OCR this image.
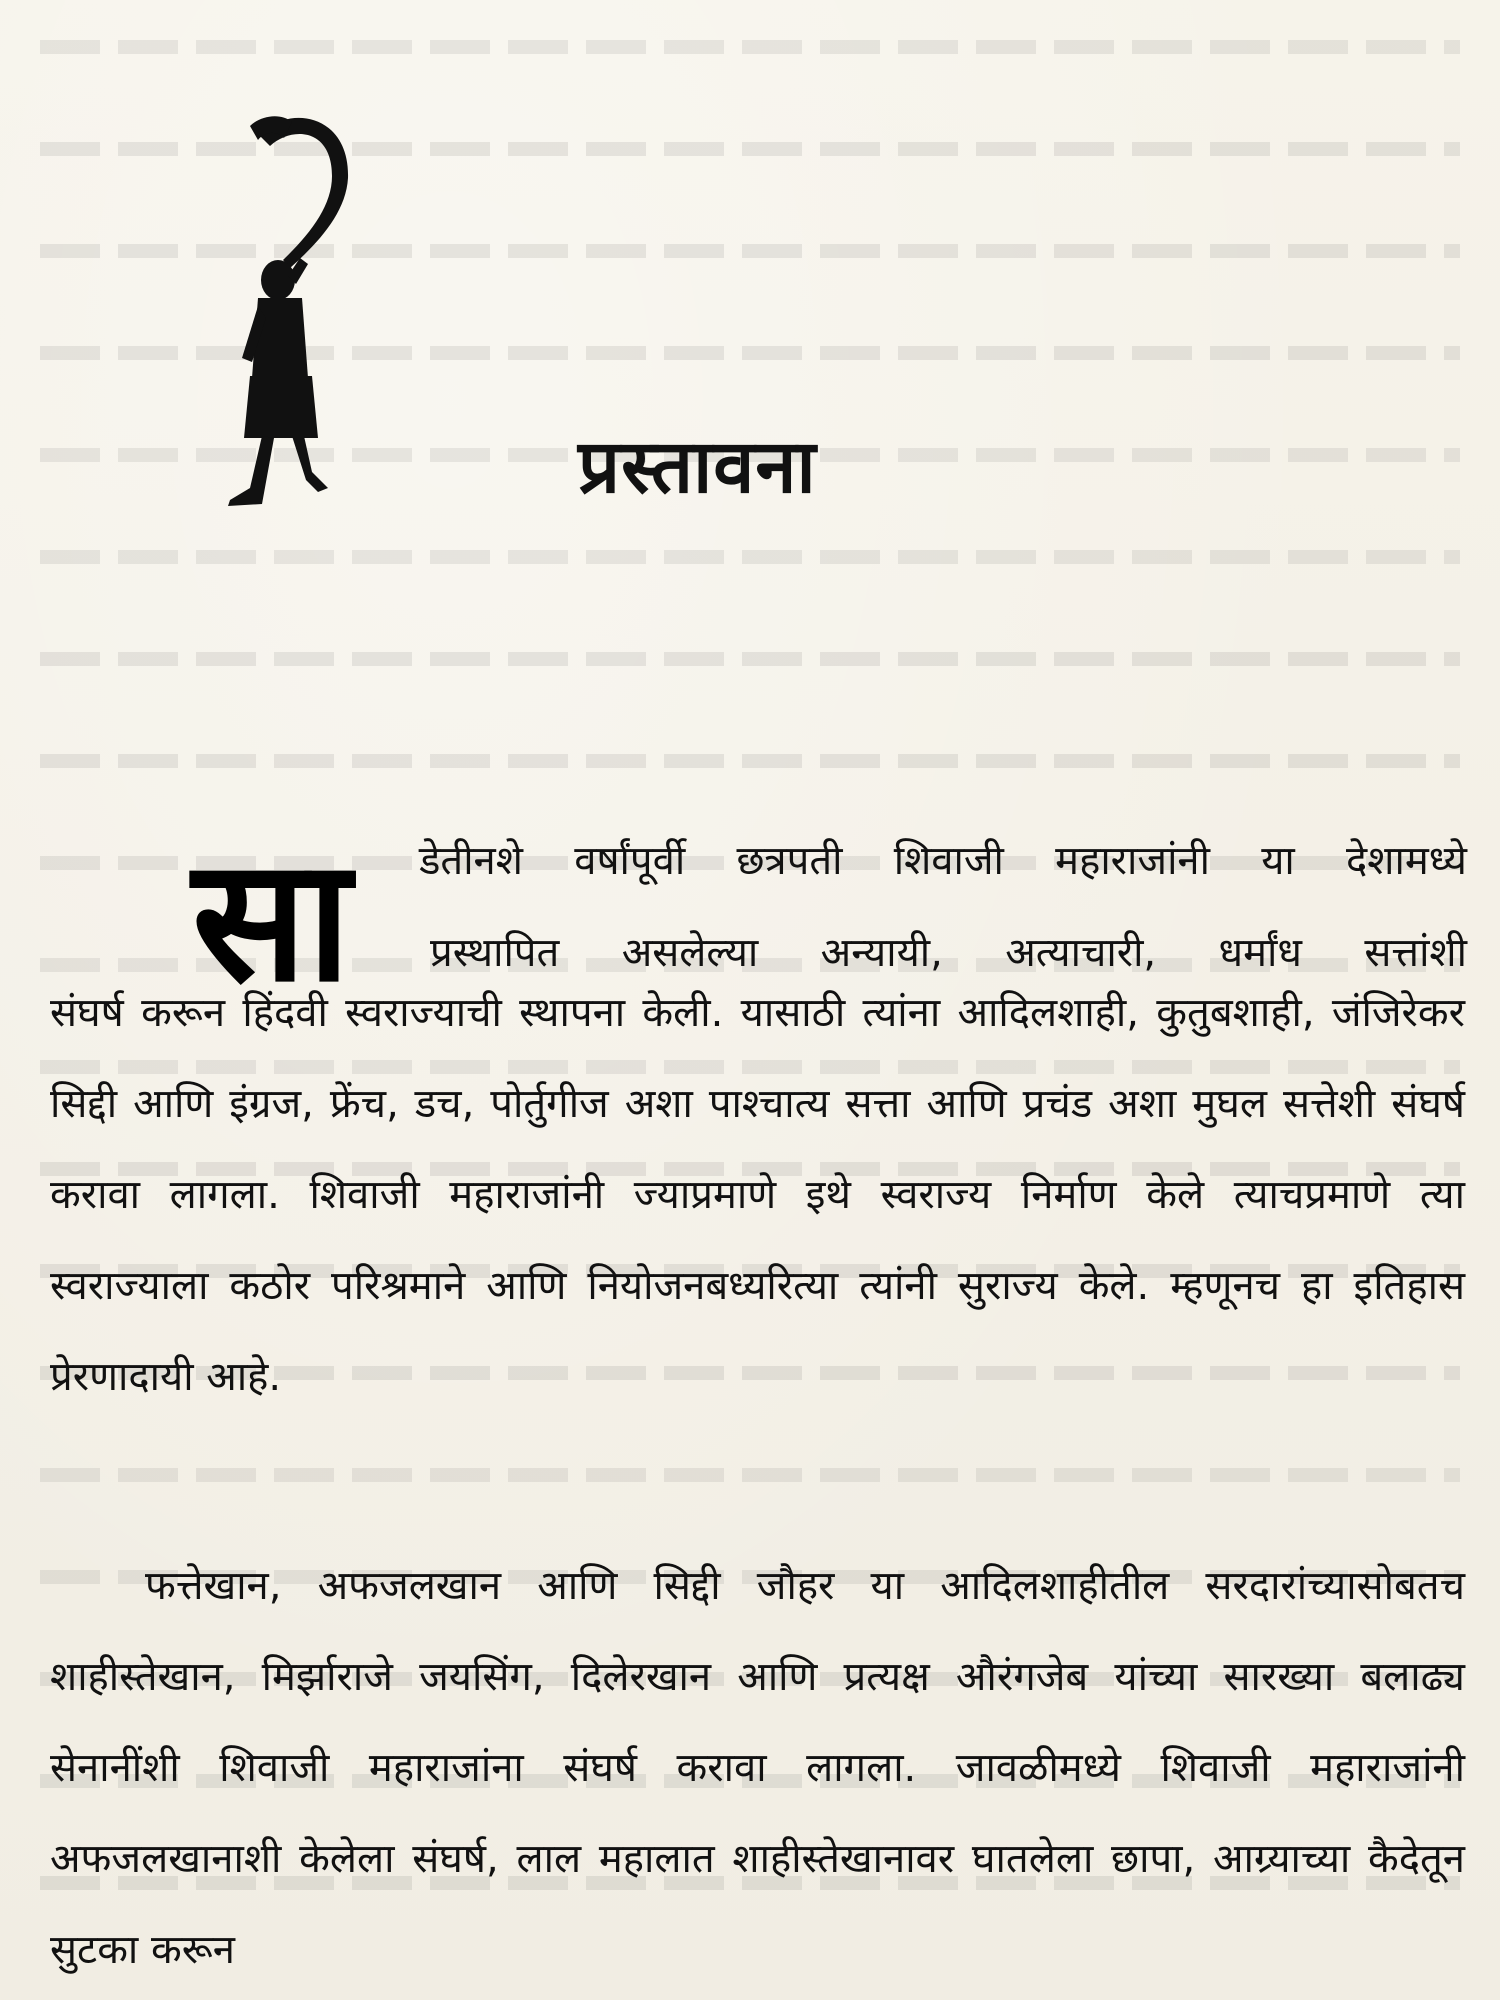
प्रस्तावना
सा डेतीनशे वर्षांपूर्वी छत्रपती शिवाजी महाराजांनी या देशामध्ये
प्रस्थापित असलेल्या अन्यायी, अत्याचारी, धर्मांध सत्तांशी

संघर्ष करून हिंदवी स्वराज्याची स्थापना केली. यासाठी त्यांना आदिलशाही, कुतुबशाही, जंजिरेकर सिद्दी आणि इंग्रज, फ्रेंच, डच, पोर्तुगीज अशा पाश्चात्य सत्ता आणि प्रचंड अशा मुघल सत्तेशी संघर्ष करावा लागला. शिवाजी महाराजांनी ज्याप्रमाणे इथे स्वराज्य निर्माण केले त्याचप्रमाणे त्या स्वराज्याला कठोर परिश्रमाने आणि नियोजनबध्यरित्या त्यांनी सुराज्य केले. म्हणूनच हा इतिहास प्रेरणादायी आहे.

फत्तेखान, अफजलखान आणि सिद्दी जौहर या आदिलशाहीतील सरदारांच्यासोबतच शाहीस्तेखान, मिर्झाराजे जयसिंग, दिलेरखान आणि प्रत्यक्ष औरंगजेब यांच्या सारख्या बलाढ्य सेनानींशी शिवाजी महाराजांना संघर्ष करावा लागला. जावळीमध्ये शिवाजी महाराजांनी अफजलखानाशी केलेला संघर्ष, लाल महालात शाहीस्तेखानावर घातलेला छापा, आग्र्याच्या कैदेतून सुटका करून
